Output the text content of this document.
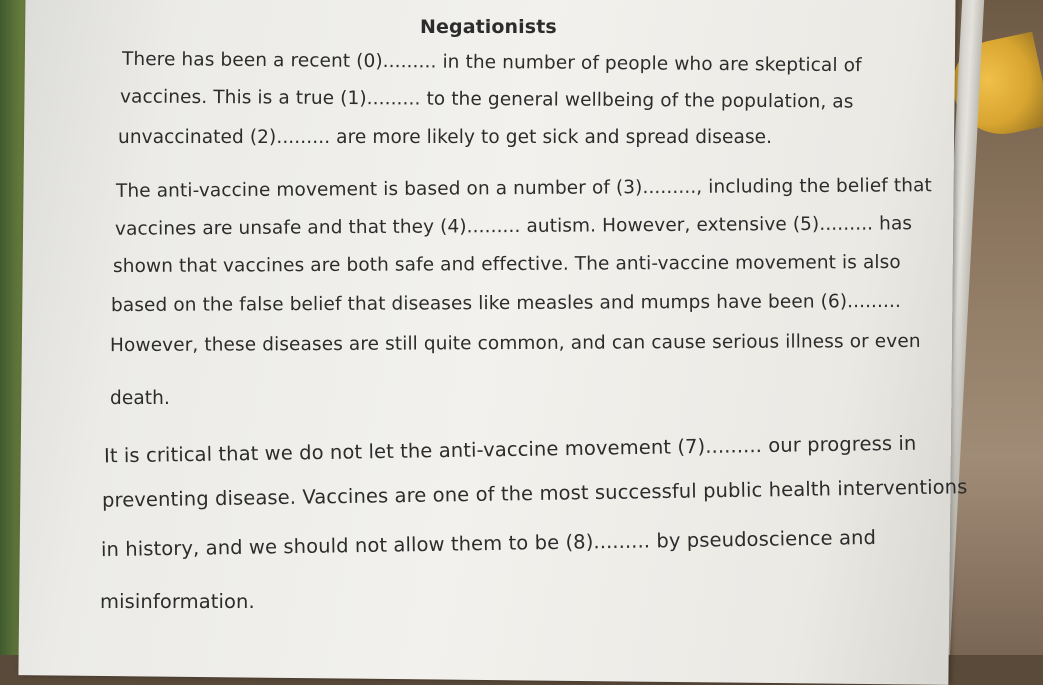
Negationists
There has been a recent (0)......... in the number of people who are skeptical of
vaccines. This is a true (1)......... to the general wellbeing of the population, as
unvaccinated (2)......... are more likely to get sick and spread disease.
The anti-vaccine movement is based on a number of (3)........., including the belief that
vaccines are unsafe and that they (4)......... autism. However, extensive (5)......... has
shown that vaccines are both safe and effective. The anti-vaccine movement is also
based on the false belief that diseases like measles and mumps have been (6).........
However, these diseases are still quite common, and can cause serious illness or even
death.
It is critical that we do not let the anti-vaccine movement (7)......... our progress in
preventing disease. Vaccines are one of the most successful public health interventions
in history, and we should not allow them to be (8)......... by pseudoscience and
misinformation.
